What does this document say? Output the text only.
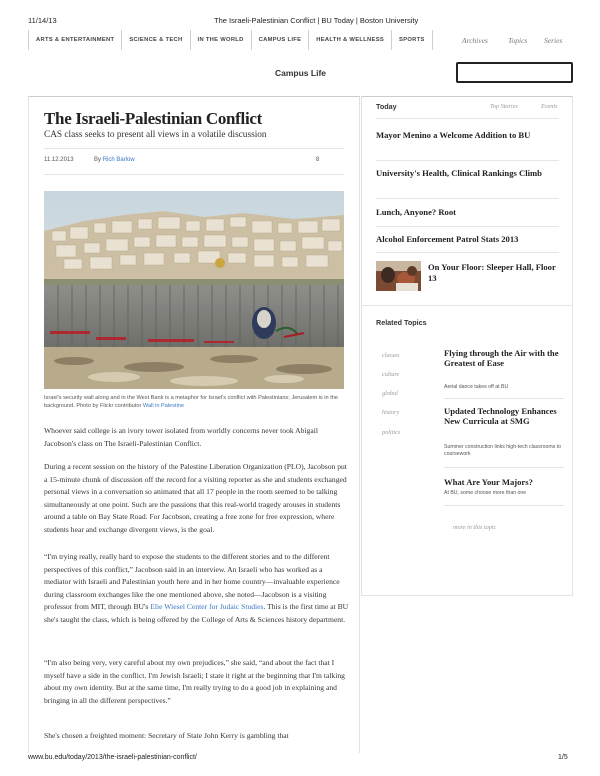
11/14/13	The Israeli-Palestinian Conflict | BU Today | Boston University
ARTS & ENTERTAINMENT	SCIENCE & TECH	IN THE WORLD	CAMPUS LIFE	HEALTH & WELLNESS	SPORTS	Archives	Topics Series
Campus Life
The Israeli-Palestinian Conflict
CAS class seeks to present all views in a volatile discussion
11.12.2013	By Rich Barlow	8
Israel's security wall along and in the West Bank is a metaphor for Israel's conflict with Palestinians; Jerusalem is in the background. Photo by Flickr contributor Wall in Palestine

Whoever said college is an ivory tower isolated from worldly concerns never took Abigail Jacobson's class on The Israeli-Palestinian Conflict.

During a recent session on the history of the Palestine Liberation Organization (PLO), Jacobson put a 15-minute chunk of discussion off the record for a visiting reporter as she and students exchanged personal views in a conversation so animated that all 17 people in the room seemed to be talking simultaneously at one point. Such are the passions that this real-world tragedy arouses in students around a table on Bay State Road. For Jacobson, creating a free zone for free expression, where students hear and exchange divergent views, is the goal.

“I'm trying really, really hard to expose the students to the different stories and to the different perspectives of this conflict,” Jacobson said in an interview. An Israeli who has worked as a mediator with Israeli and Palestinian youth here and in her home country—invaluable experience during classroom exchanges like the one mentioned above, she noted—Jacobson is a visiting professor from MIT, through BU's Elie Wiesel Center for Judaic Studies. This is the first time at BU she's taught the class, which is being offered by the College of Arts & Sciences history department.

“I'm also being very, very careful about my own prejudices,” she said, “and about the fact that I myself have a side in the conflict. I'm Jewish Israeli; I state it right at the beginning that I'm talking about my own identity. But at the same time, I'm really trying to do a good job in explaining and bringing in all the different perspectives.”

She's chosen a freighted moment: Secretary of State John Kerry is gambling that

Today	Top Stories	Events
Mayor Menino a Welcome Addition to BU
University's Health, Clinical Rankings Climb
Lunch, Anyone? Root
Alcohol Enforcement Patrol Stats 2013
On Your Floor: Sleeper Hall, Floor 13
Related Topics
classes
culture
global
history
politics
Flying through the Air with the Greatest of Ease
Aerial dance takes off at BU
Updated Technology Enhances New Curricula at SMG
Summer construction links high-tech classrooms to coursework
What Are Your Majors?
At BU, some choose more than one
more in this topic
www.bu.edu/today/2013/the-israeli-palestinian-conflict/	1/5
